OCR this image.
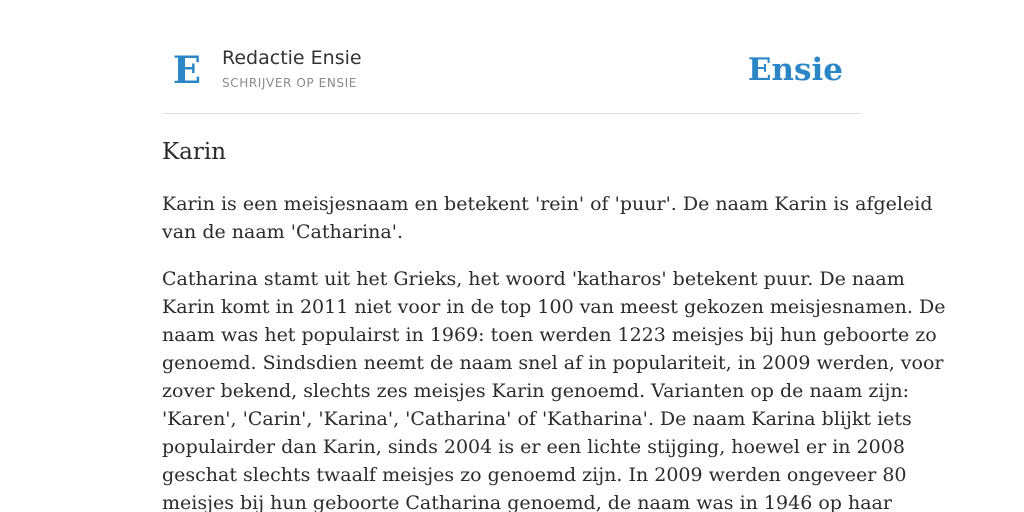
E Redactie Ensie
SCHRIJVER OP ENSIE	Ensie
Karin

Karin is een meisjesnaam en betekent 'rein' of 'puur'. De naam Karin is afgeleid
van de naam 'Catharina'.

Catharina stamt uit het Grieks, het woord 'katharos' betekent puur. De naam
Karin komt in 2011 niet voor in de top 100 van meest gekozen meisjesnamen. De
naam was het populairst in 1969: toen werden 1223 meisjes bij hun geboorte zo
genoemd. Sindsdien neemt de naam snel af in populariteit, in 2009 werden, voor
zover bekend, slechts zes meisjes Karin genoemd. Varianten op de naam zijn:
'Karen', 'Carin', 'Karina', 'Catharina' of 'Katharina'. De naam Karina blijkt iets
populairder dan Karin, sinds 2004 is er een lichte stijging, hoewel er in 2008
geschat slechts twaalf meisjes zo genoemd zijn. In 2009 werden ongeveer 80
meisjes bij hun geboorte Catharina genoemd, de naam was in 1946 op haar
